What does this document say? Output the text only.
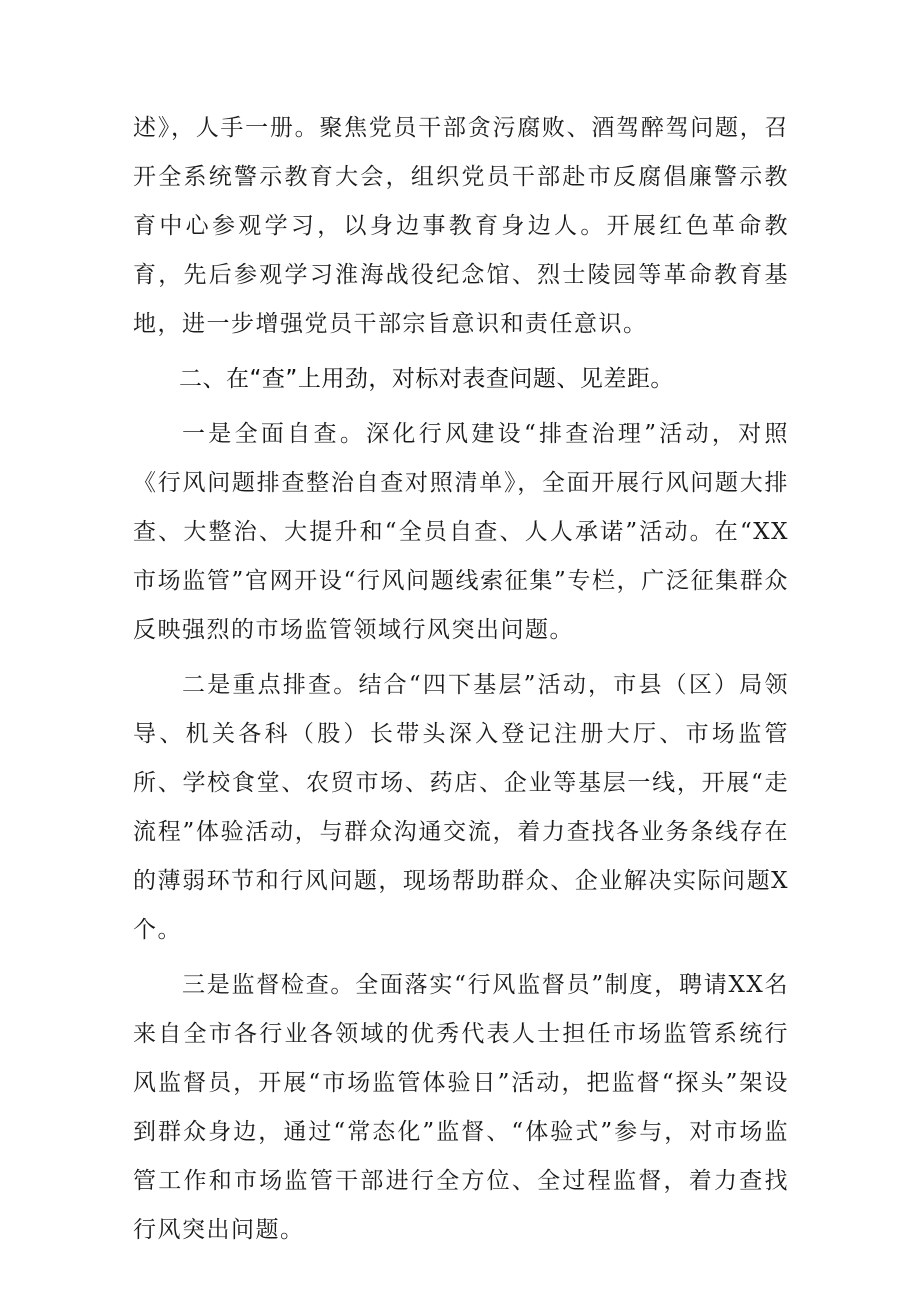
述》，人手一册。聚焦党员干部贪污腐败、酒驾醉驾问题，召开全系统警示教育大会，组织党员干部赴市反腐倡廉警示教育中心参观学习，以身边事教育身边人。开展红色革命教育，先后参观学习淮海战役纪念馆、烈士陵园等革命教育基地，进一步增强党员干部宗旨意识和责任意识。

二、在“查”上用劲，对标对表查问题、见差距。

一是全面自查。深化行风建设“排查治理”活动，对照《行风问题排查整治自查对照清单》，全面开展行风问题大排查、大整治、大提升和“全员自查、人人承诺”活动。在“XX市场监管”官网开设“行风问题线索征集”专栏，广泛征集群众反映强烈的市场监管领域行风突出问题。

二是重点排查。结合“四下基层”活动，市县（区）局领导、机关各科（股）长带头深入登记注册大厅、市场监管所、学校食堂、农贸市场、药店、企业等基层一线，开展“走流程”体验活动，与群众沟通交流，着力查找各业务条线存在的薄弱环节和行风问题，现场帮助群众、企业解决实际问题X个。

三是监督检查。全面落实“行风监督员”制度，聘请XX名来自全市各行业各领域的优秀代表人士担任市场监管系统行风监督员，开展“市场监管体验日”活动，把监督“探头”架设到群众身边，通过“常态化”监督、“体验式”参与，对市场监管工作和市场监管干部进行全方位、全过程监督，着力查找行风突出问题。
